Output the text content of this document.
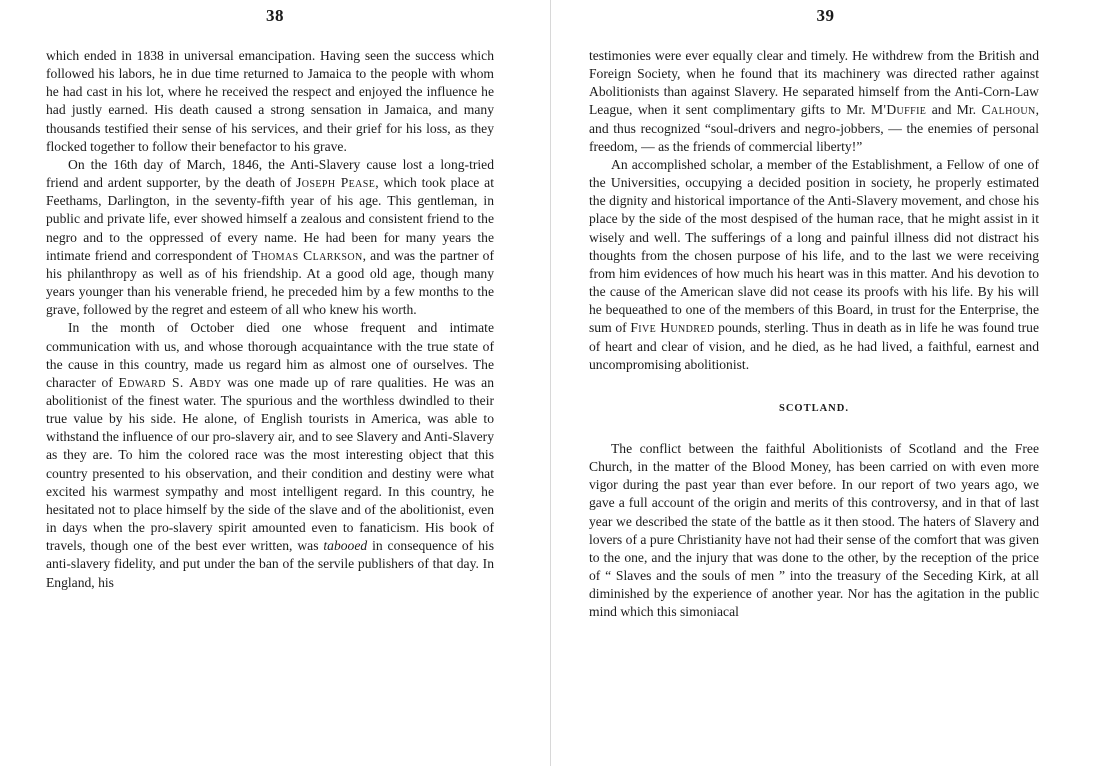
38

which ended in 1838 in universal emancipation. Having seen the success which followed his labors, he in due time returned to Jamaica to the people with whom he had cast in his lot, where he received the respect and enjoyed the influence he had justly earned. His death caused a strong sensation in Jamaica, and many thousands testified their sense of his services, and their grief for his loss, as they flocked together to follow their benefactor to his grave.

On the 16th day of March, 1846, the Anti-Slavery cause lost a long-tried friend and ardent supporter, by the death of Joseph Pease, which took place at Feethams, Darlington, in the seventy-fifth year of his age. This gentleman, in public and private life, ever showed himself a zealous and consistent friend to the negro and to the oppressed of every name. He had been for many years the intimate friend and correspondent of Thomas Clarkson, and was the partner of his philanthropy as well as of his friendship. At a good old age, though many years younger than his venerable friend, he preceded him by a few months to the grave, followed by the regret and esteem of all who knew his worth.

In the month of October died one whose frequent and intimate communication with us, and whose thorough acquaintance with the true state of the cause in this country, made us regard him as almost one of ourselves. The character of Edward S. Abdy was one made up of rare qualities. He was an abolitionist of the finest water. The spurious and the worthless dwindled to their true value by his side. He alone, of English tourists in America, was able to withstand the influence of our pro-slavery air, and to see Slavery and Anti-Slavery as they are. To him the colored race was the most interesting object that this country presented to his observation, and their condition and destiny were what excited his warmest sympathy and most intelligent regard. In this country, he hesitated not to place himself by the side of the slave and of the abolitionist, even in days when the pro-slavery spirit amounted even to fanaticism. His book of travels, though one of the best ever written, was tabooed in consequence of his anti-slavery fidelity, and put under the ban of the servile publishers of that day. In England, his

39

testimonies were ever equally clear and timely. He withdrew from the British and Foreign Society, when he found that its machinery was directed rather against Abolitionists than against Slavery. He separated himself from the Anti-Corn-Law League, when it sent complimentary gifts to Mr. M'Duffie and Mr. Calhoun, and thus recognized “soul-drivers and negro-jobbers, — the enemies of personal freedom, — as the friends of commercial liberty!”

An accomplished scholar, a member of the Establishment, a Fellow of one of the Universities, occupying a decided position in society, he properly estimated the dignity and historical importance of the Anti-Slavery movement, and chose his place by the side of the most despised of the human race, that he might assist in it wisely and well. The sufferings of a long and painful illness did not distract his thoughts from the chosen purpose of his life, and to the last we were receiving from him evidences of how much his heart was in this matter. And his devotion to the cause of the American slave did not cease its proofs with his life. By his will he bequeathed to one of the members of this Board, in trust for the Enterprise, the sum of Five Hundred pounds, sterling. Thus in death as in life he was found true of heart and clear of vision, and he died, as he had lived, a faithful, earnest and uncompromising abolitionist.

SCOTLAND.

The conflict between the faithful Abolitionists of Scotland and the Free Church, in the matter of the Blood Money, has been carried on with even more vigor during the past year than ever before. In our report of two years ago, we gave a full account of the origin and merits of this controversy, and in that of last year we described the state of the battle as it then stood. The haters of Slavery and lovers of a pure Christianity have not had their sense of the comfort that was given to the one, and the injury that was done to the other, by the reception of the price of “ Slaves and the souls of men ” into the treasury of the Seceding Kirk, at all diminished by the experience of another year. Nor has the agitation in the public mind which this simoniacal
